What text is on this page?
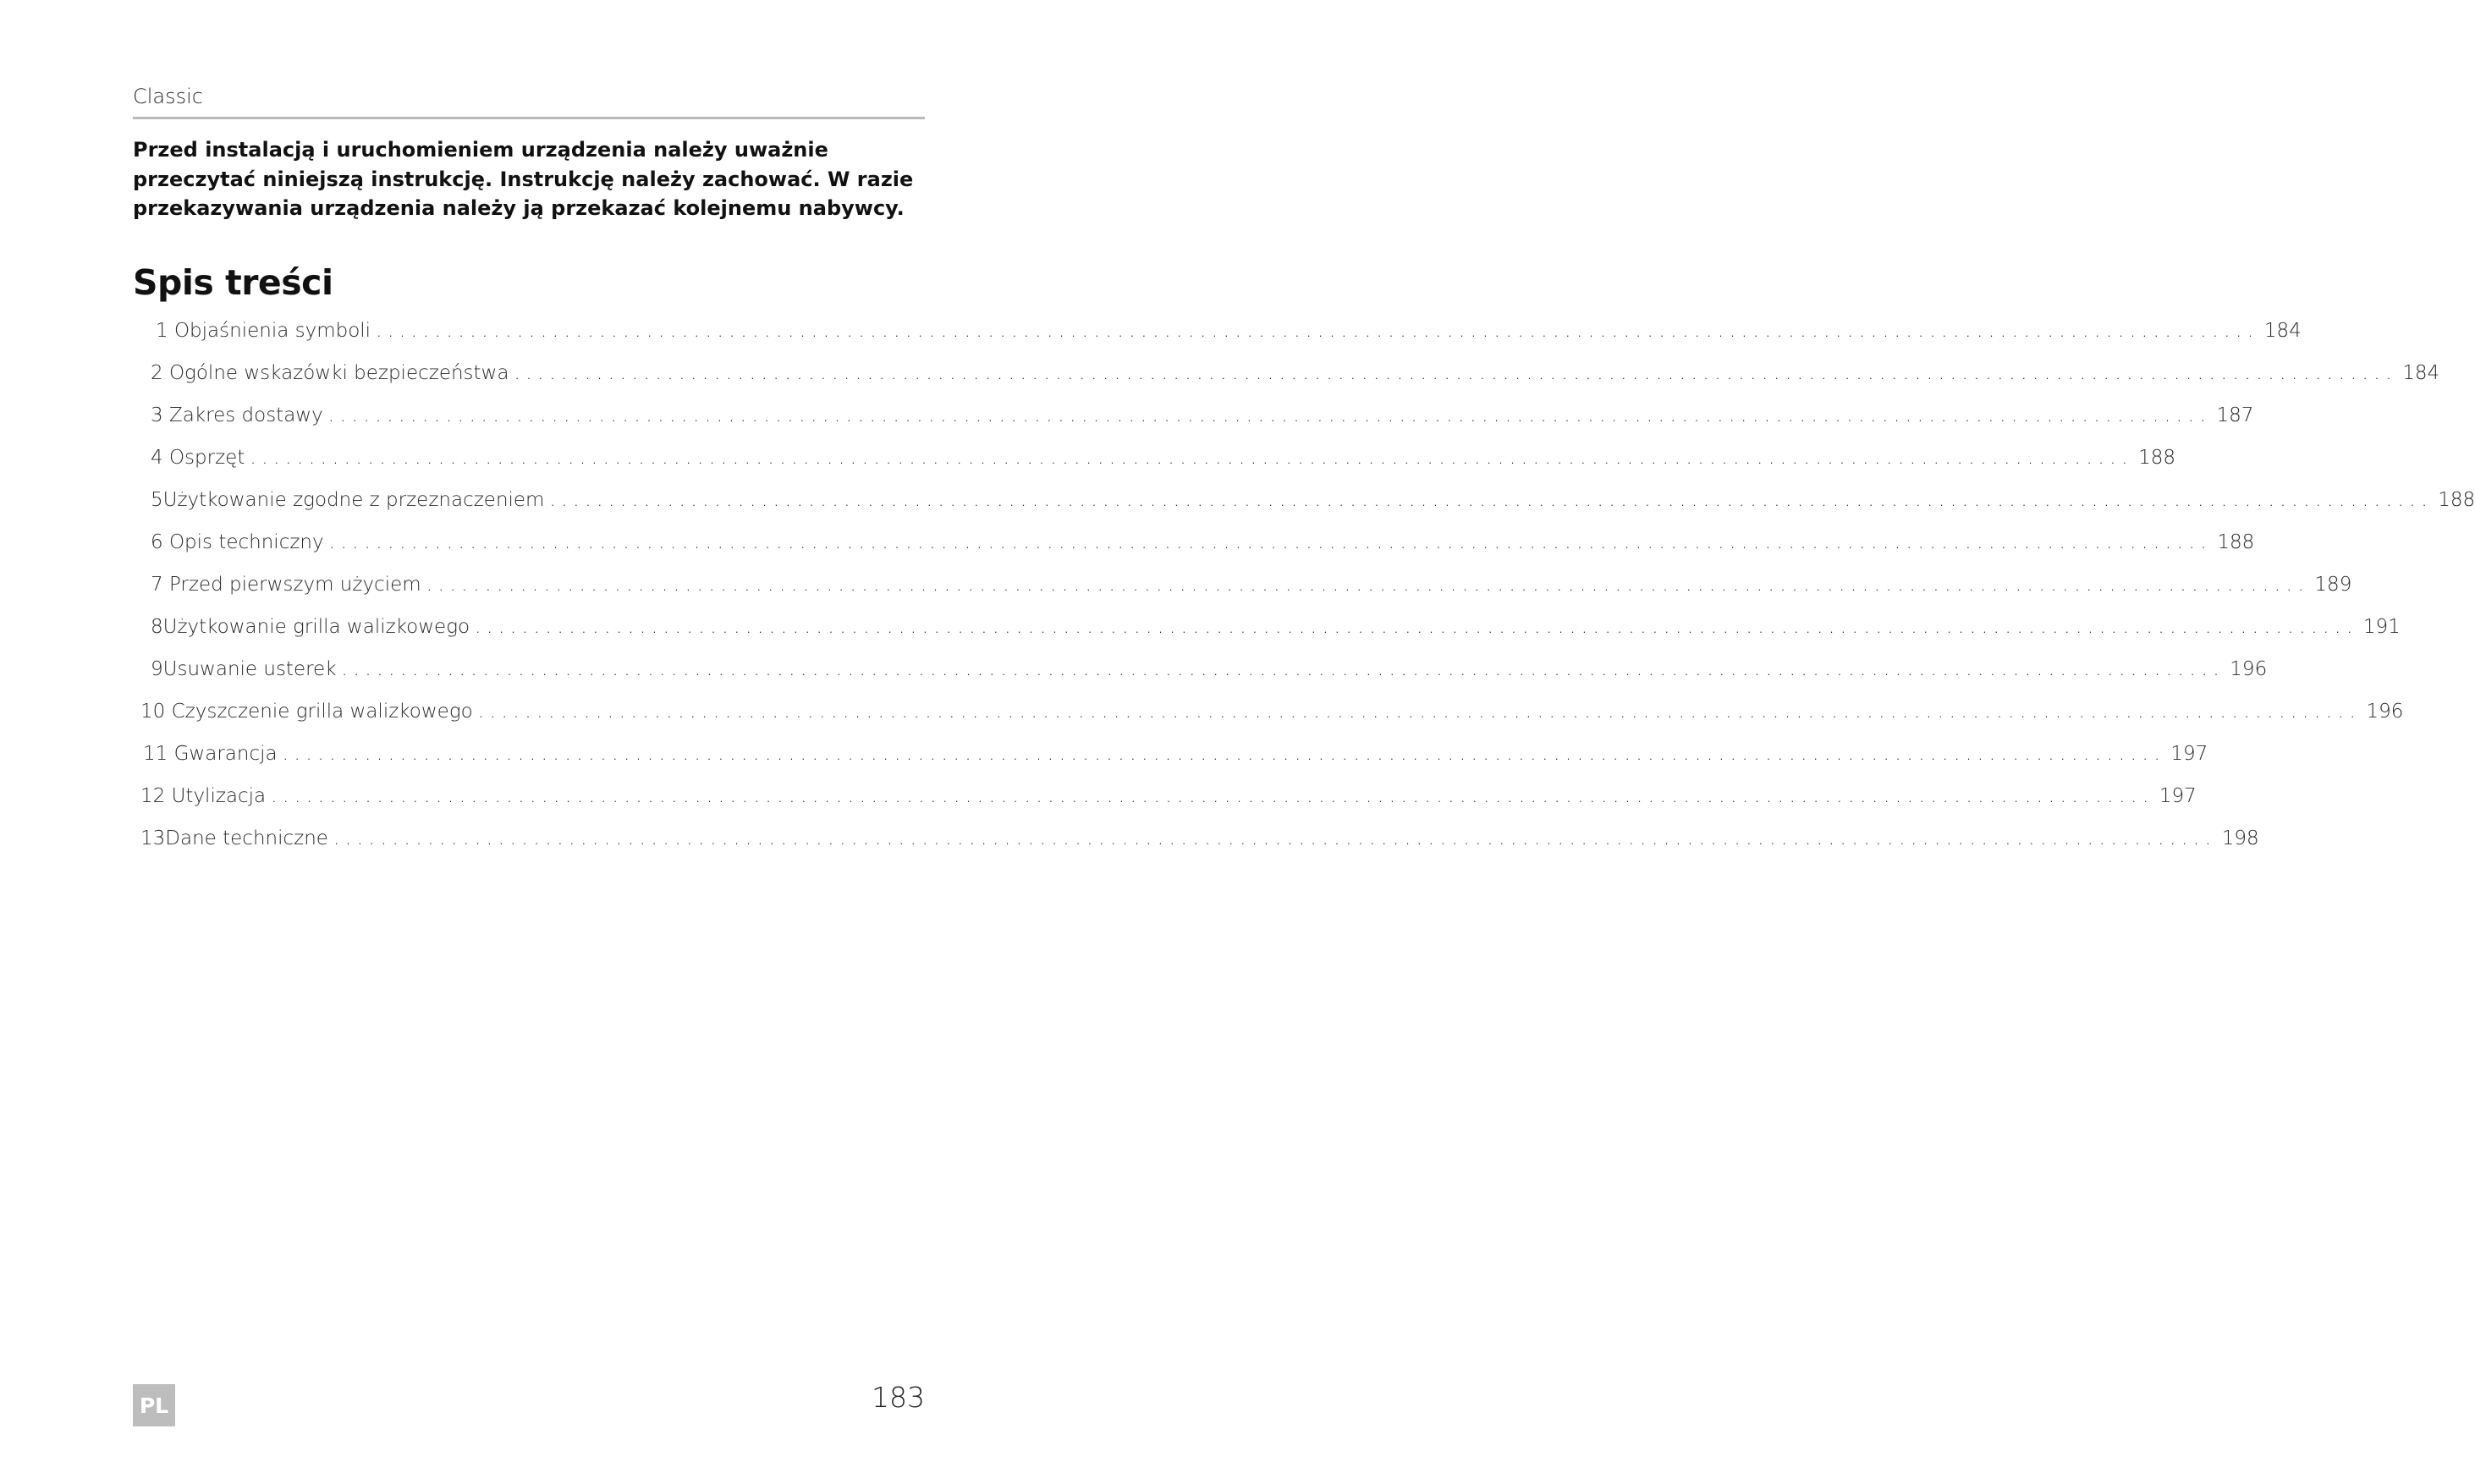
Classic
Przed instalacją i uruchomieniem urządzenia należy uważnie przeczytać niniejszą instrukcję. Instrukcję należy zachować. W razie przekazywania urządzenia należy ją przekazać kolejnemu nabywcy.
Spis treści
1
Objaśnienia symboli ................................................................................................................................................................ 184
2
Ogólne wskazówki bezpieczeństwa ................................................................................................................................................................ 184
3
Zakres dostawy ................................................................................................................................................................ 187
4
Osprzęt ................................................................................................................................................................ 188
5 Użytkowanie zgodne z przeznaczeniem ................................................................................................................................................................ 188
6
Opis techniczny ................................................................................................................................................................ 188
7
Przed pierwszym użyciem ................................................................................................................................................................ 189
8 Użytkowanie grilla walizkowego ................................................................................................................................................................ 191
9 Usuwanie usterek ................................................................................................................................................................ 196
10
Czyszczenie grilla walizkowego ................................................................................................................................................................ 196
11
Gwarancja ................................................................................................................................................................ 197
12
Utylizacja ................................................................................................................................................................ 197
13 Dane techniczne ................................................................................................................................................................ 198
PL	183
